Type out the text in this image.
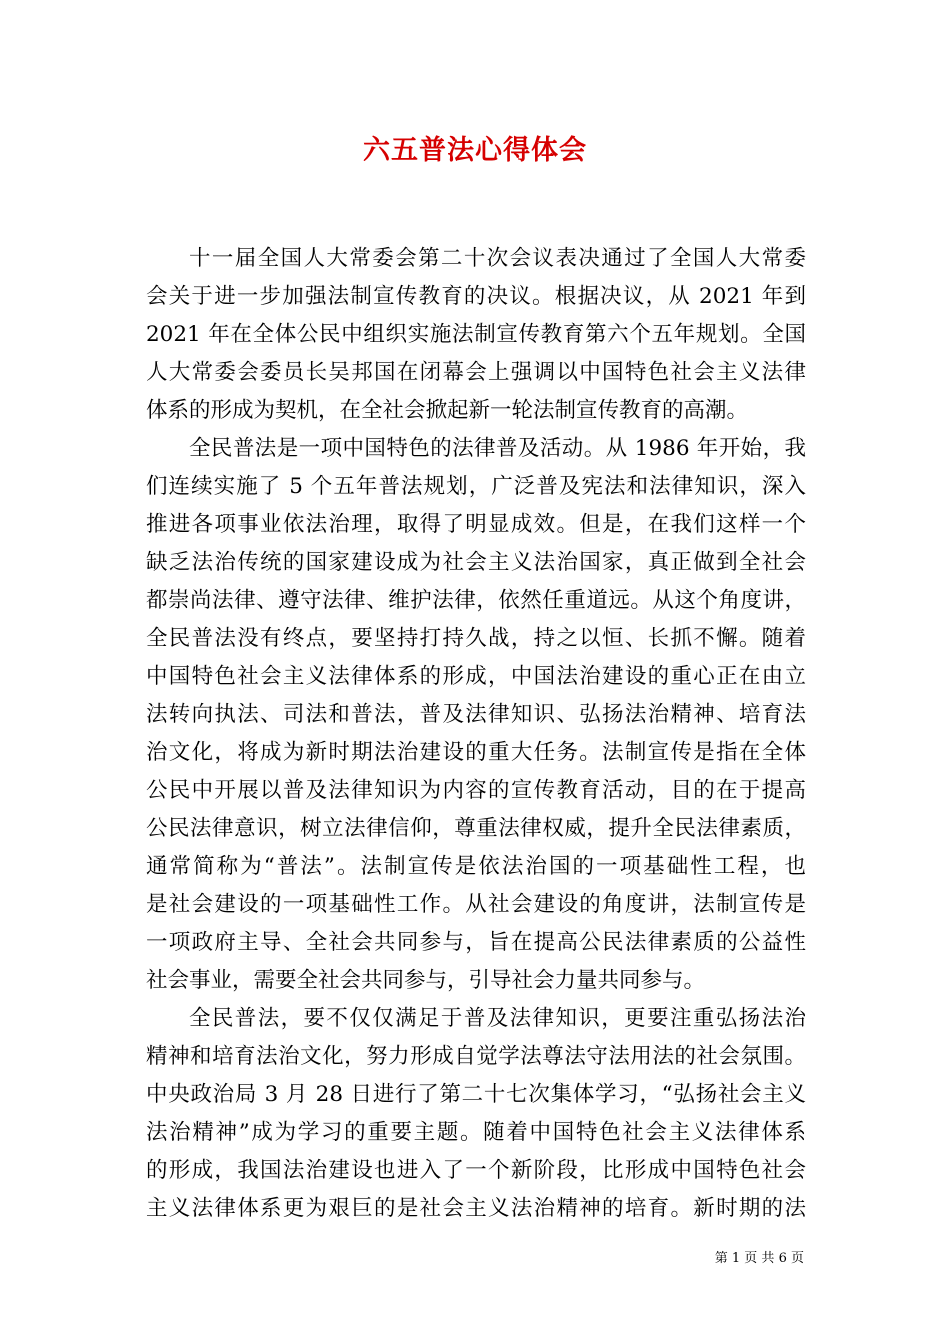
六五普法心得体会
十一届全国人大常委会第二十次会议表决通过了全国人大常委
会关于进一步加强法制宣传教育的决议。根据决议，从 2021 年到
2021 年在全体公民中组织实施法制宣传教育第六个五年规划。全国
人大常委会委员长吴邦国在闭幕会上强调以中国特色社会主义法律
体系的形成为契机，在全社会掀起新一轮法制宣传教育的高潮。
全民普法是一项中国特色的法律普及活动。从 1986 年开始，我
们连续实施了 5 个五年普法规划，广泛普及宪法和法律知识，深入
推进各项事业依法治理，取得了明显成效。但是，在我们这样一个
缺乏法治传统的国家建设成为社会主义法治国家，真正做到全社会
都崇尚法律、遵守法律、维护法律，依然任重道远。从这个角度讲，
全民普法没有终点，要坚持打持久战，持之以恒、长抓不懈。随着
中国特色社会主义法律体系的形成，中国法治建设的重心正在由立
法转向执法、司法和普法，普及法律知识、弘扬法治精神、培育法
治文化，将成为新时期法治建设的重大任务。法制宣传是指在全体
公民中开展以普及法律知识为内容的宣传教育活动，目的在于提高
公民法律意识，树立法律信仰，尊重法律权威，提升全民法律素质，
通常简称为“普法”。法制宣传是依法治国的一项基础性工程，也
是社会建设的一项基础性工作。从社会建设的角度讲，法制宣传是
一项政府主导、全社会共同参与，旨在提高公民法律素质的公益性
社会事业，需要全社会共同参与，引导社会力量共同参与。
全民普法，要不仅仅满足于普及法律知识，更要注重弘扬法治
精神和培育法治文化，努力形成自觉学法尊法守法用法的社会氛围。
中央政治局 3 月 28 日进行了第二十七次集体学习，“弘扬社会主义
法治精神”成为学习的重要主题。随着中国特色社会主义法律体系
的形成，我国法治建设也进入了一个新阶段，比形成中国特色社会
主义法律体系更为艰巨的是社会主义法治精神的培育。新时期的法
第 1 页 共 6 页
